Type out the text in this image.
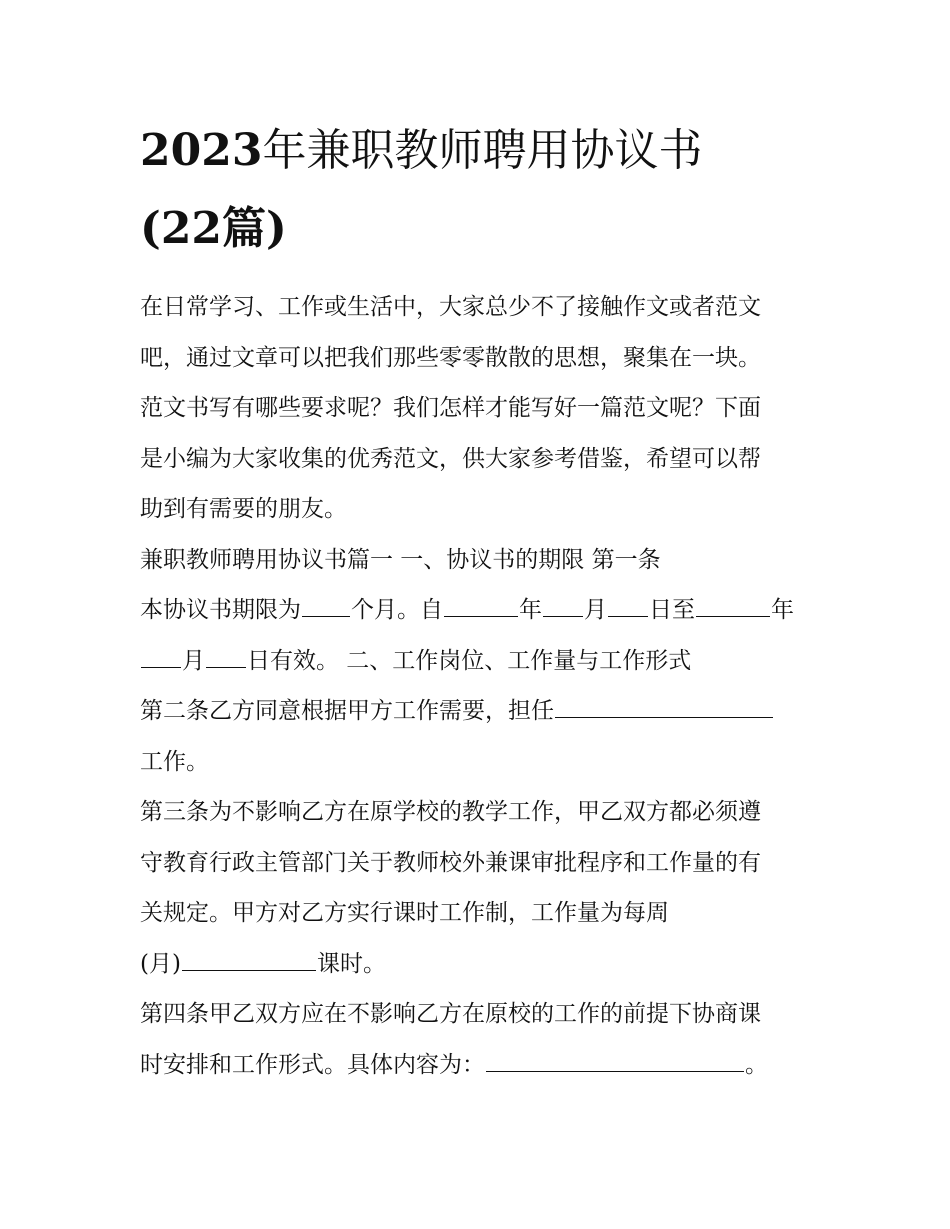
2023年兼职教师聘用协议书
(22篇)
在日常学习、工作或生活中，大家总少不了接触作文或者范文
吧，通过文章可以把我们那些零零散散的思想，聚集在一块。
范文书写有哪些要求呢？我们怎样才能写好一篇范文呢？下面
是小编为大家收集的优秀范文，供大家参考借鉴，希望可以帮
助到有需要的朋友。
兼职教师聘用协议书篇一 一、协议书的期限 第一条
本协议书期限为 个月。自	年 月 日至	年
月 日有效。 二、工作岗位、工作量与工作形式
第二条乙方同意根据甲方工作需要，担任
工作。
第三条为不影响乙方在原学校的教学工作，甲乙双方都必须遵
守教育行政主管部门关于教师校外兼课审批程序和工作量的有
关规定。甲方对乙方实行课时工作制，工作量为每周
(月)	课时。
第四条甲乙双方应在不影响乙方在原校的工作的前提下协商课
时安排和工作形式。具体内容为：	。
